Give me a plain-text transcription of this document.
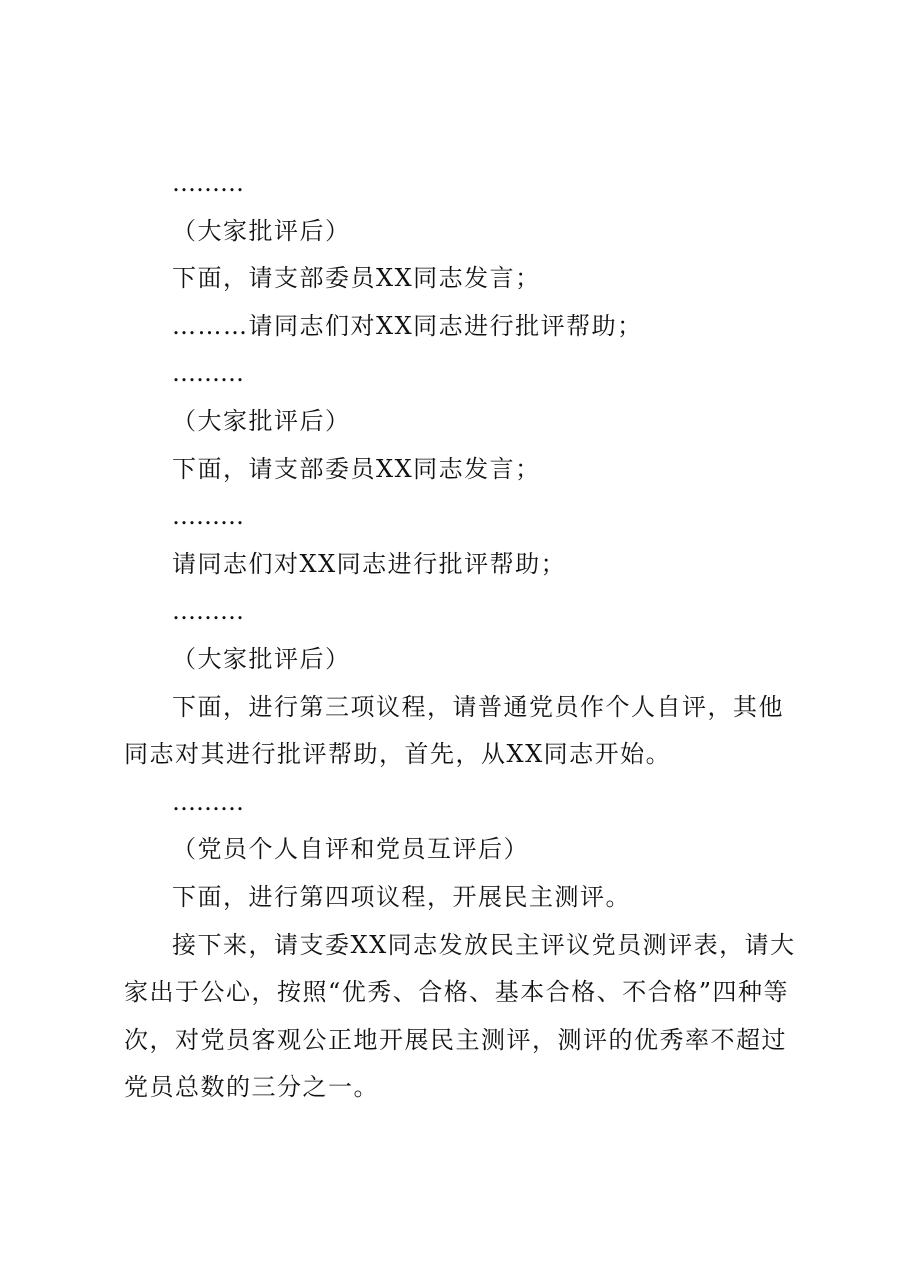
………

（大家批评后）

下面，请支部委员XX同志发言；

………请同志们对XX同志进行批评帮助；

………

（大家批评后）

下面，请支部委员XX同志发言；

………

请同志们对XX同志进行批评帮助；

………

（大家批评后）

下面，进行第三项议程，请普通党员作个人自评，其他同志对其进行批评帮助，首先，从XX同志开始。

………

（党员个人自评和党员互评后）

下面，进行第四项议程，开展民主测评。

接下来，请支委XX同志发放民主评议党员测评表，请大家出于公心，按照“优秀、合格、基本合格、不合格”四种等次，对党员客观公正地开展民主测评，测评的优秀率不超过党员总数的三分之一。
